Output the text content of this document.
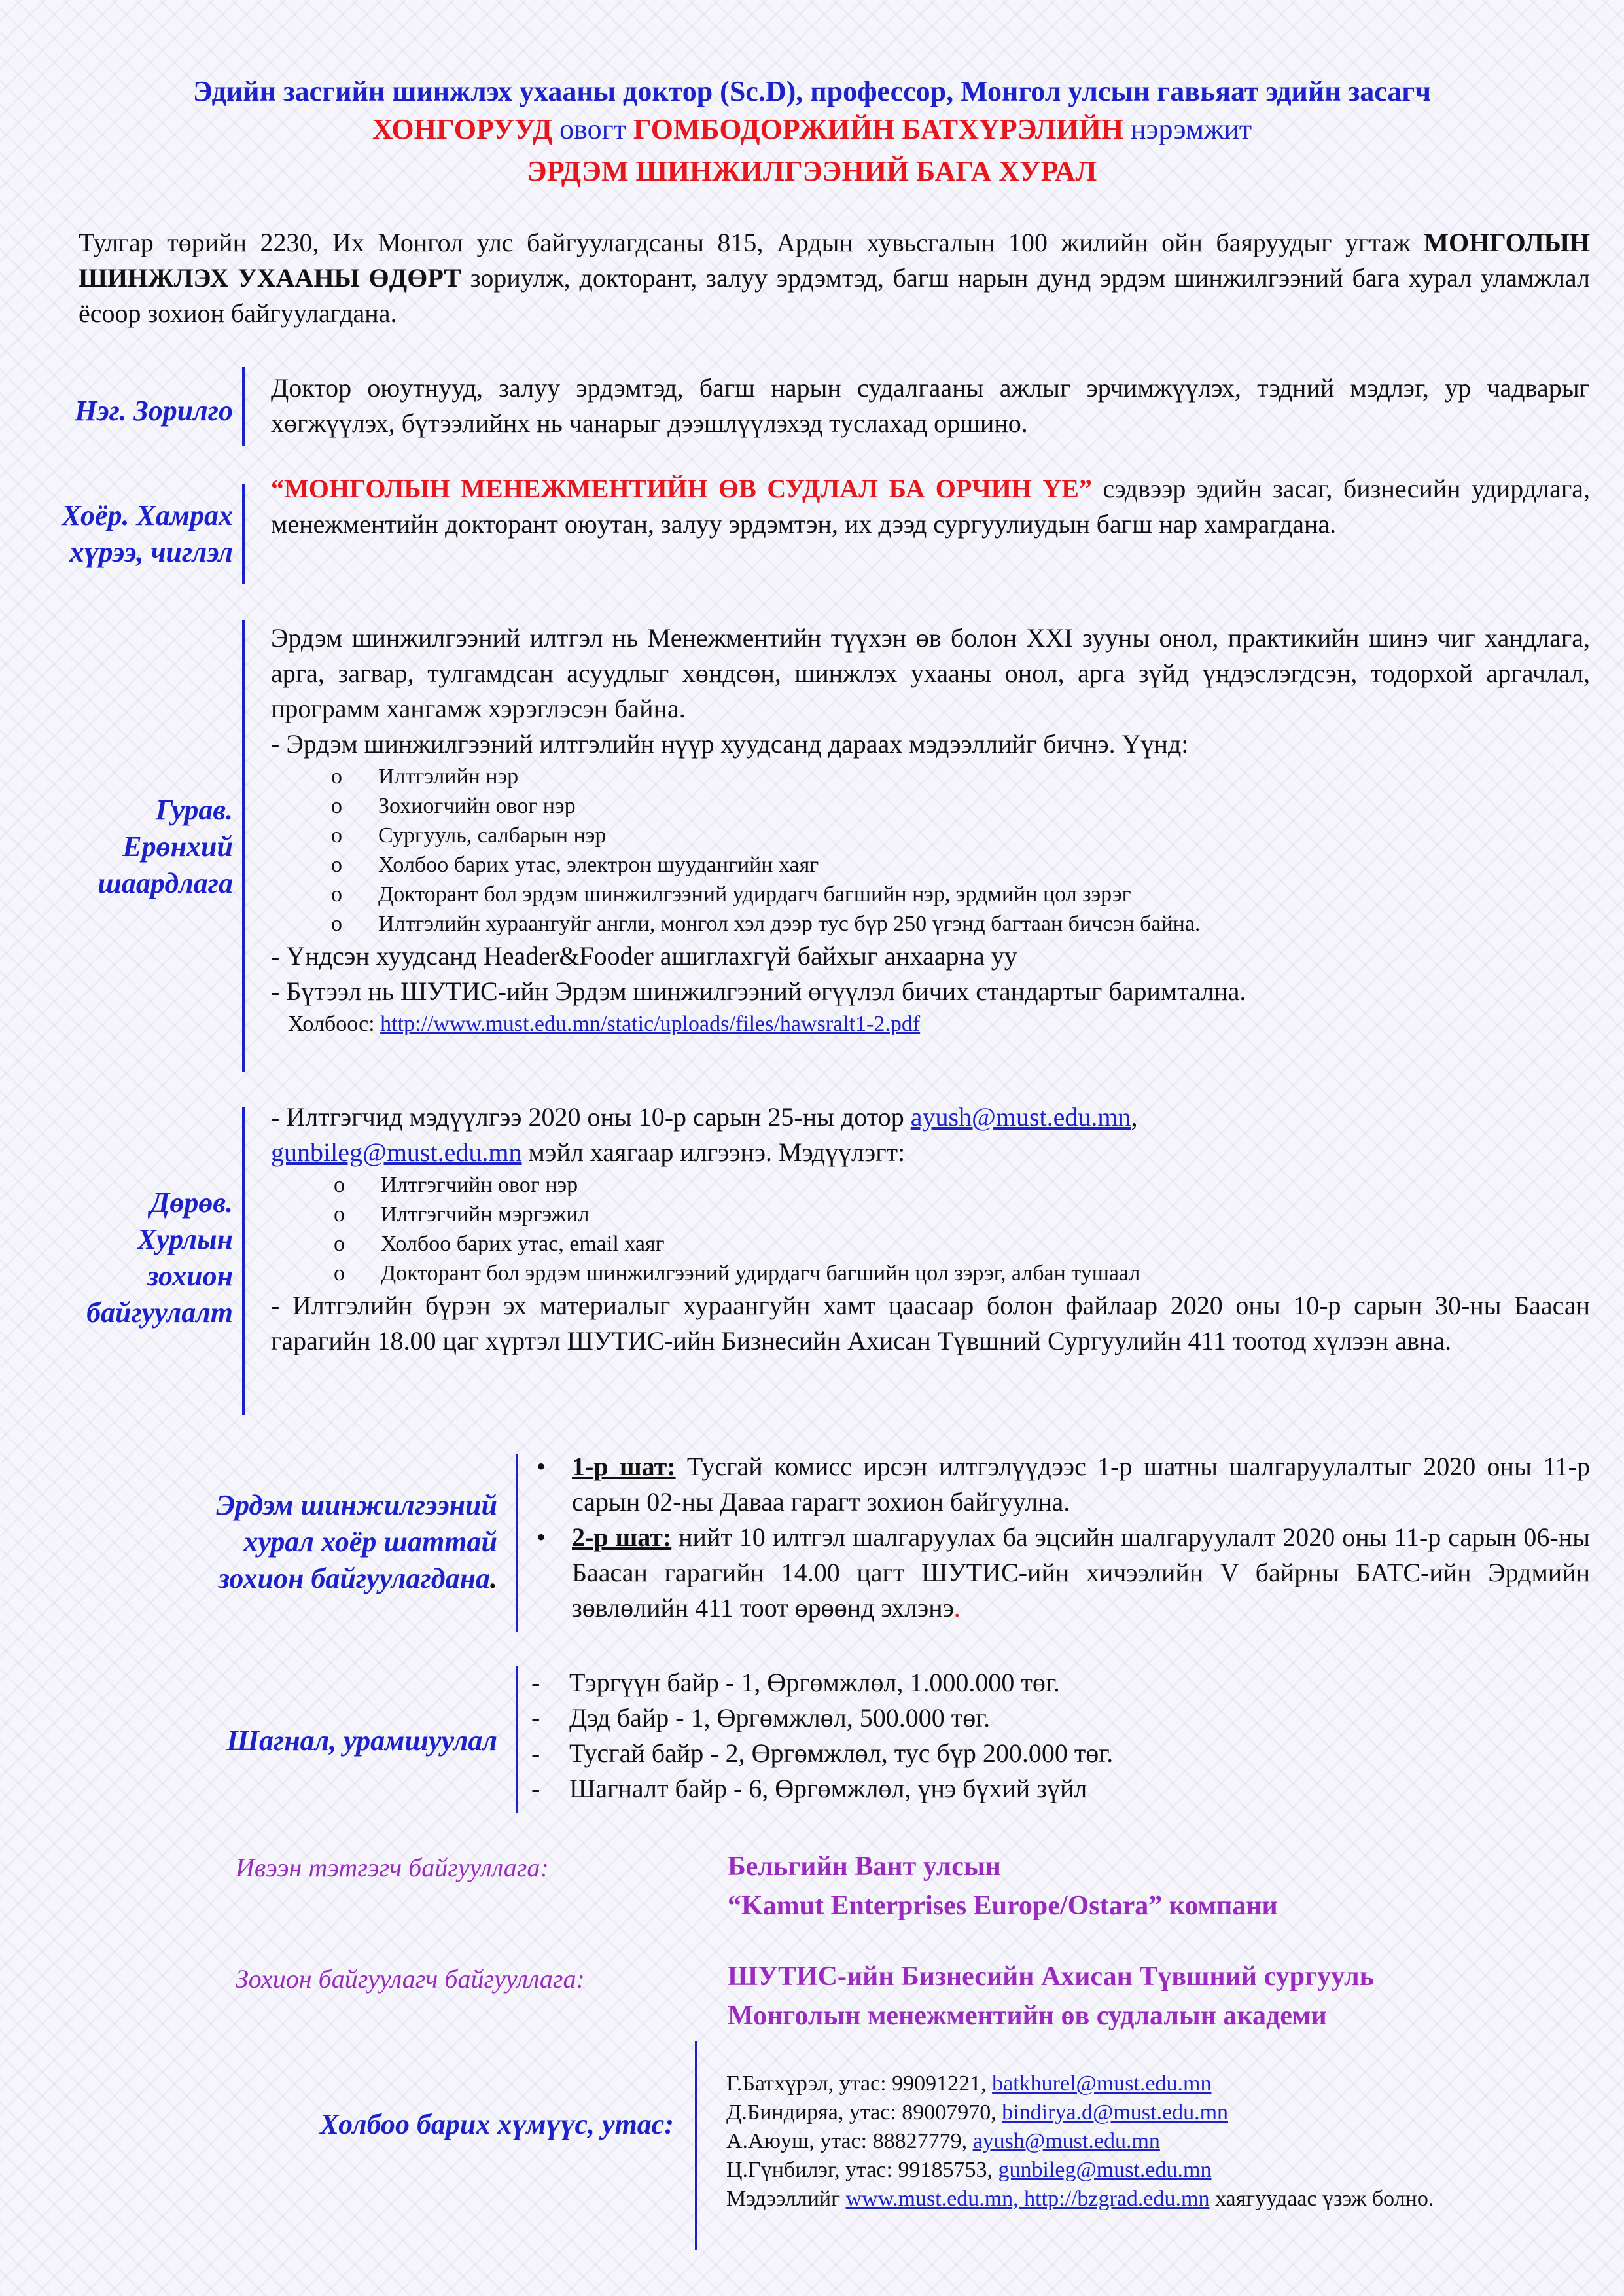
Эдийн засгийн шинжлэх ухааны доктор (Sc.D), профессор, Монгол улсын гавьяат эдийн засагч
ХОНГОРУУД овогт ГОМБОДОРЖИЙН БАТХҮРЭЛИЙН нэрэмжит
ЭРДЭМ ШИНЖИЛГЭЭНИЙ БАГА ХУРАЛ
Тулгар төрийн 2230, Их Монгол улс байгуулагдсаны 815, Ардын хувьсгалын 100 жилийн ойн баяруудыг угтаж МОНГОЛЫН ШИНЖЛЭХ УХААНЫ ӨДӨРТ зориулж, докторант, залуу эрдэмтэд, багш нарын дунд эрдэм шинжилгээний бага хурал уламжлал ёсоор зохион байгуулагдана.
Нэг. Зорилго
Доктор оюутнууд, залуу эрдэмтэд, багш нарын судалгааны ажлыг эрчимжүүлэх, тэдний мэдлэг, ур чадварыг хөгжүүлэх, бүтээлийнх нь чанарыг дээшлүүлэхэд туслахад оршино.
Хоёр. Хамрах
хүрээ, чиглэл
“МОНГОЛЫН МЕНЕЖМЕНТИЙН ӨВ СУДЛАЛ БА ОРЧИН ҮЕ” сэдвээр эдийн засаг, бизнесийн удирдлага, менежментийн докторант оюутан, залуу эрдэмтэн, их дээд сургуулиудын багш нар хамрагдана.
Гурав.
Ерөнхий
шаардлага
Эрдэм шинжилгээний илтгэл нь Менежментийн түүхэн өв болон XXI зууны онол, практикийн шинэ чиг хандлага, арга, загвар, тулгамдсан асуудлыг хөндсөн, шинжлэх ухааны онол, арга зүйд үндэслэгдсэн, тодорхой аргачлал, программ хангамж хэрэглэсэн байна.
- Эрдэм шинжилгээний илтгэлийн нүүр хуудсанд дараах мэдээллийг бичнэ. Үүнд:
o Илтгэлийн нэр
o Зохиогчийн овог нэр
o Сургууль, салбарын нэр
o Холбоо барих утас, электрон шуудангийн хаяг
o Докторант бол эрдэм шинжилгээний удирдагч багшийн нэр, эрдмийн цол зэрэг
o Илтгэлийн хураангуйг англи, монгол хэл дээр тус бүр 250 үгэнд багтаан бичсэн байна.
- Үндсэн хуудсанд Header&Fooder ашиглахгүй байхыг анхаарна уу
- Бүтээл нь ШУТИС-ийн Эрдэм шинжилгээний өгүүлэл бичих стандартыг баримтална.
Холбоос: http://www.must.edu.mn/static/uploads/files/hawsralt1-2.pdf
Дөрөв.
Хурлын
зохион
байгуулалт
- Илтгэгчид мэдүүлгээ 2020 оны 10-р сарын 25-ны дотор ayush@must.edu.mn,
gunbileg@must.edu.mn мэйл хаягаар илгээнэ. Мэдүүлэгт:
o Илтгэгчийн овог нэр
o Илтгэгчийн мэргэжил
o Холбоо барих утас, email хаяг
o Докторант бол эрдэм шинжилгээний удирдагч багшийн цол зэрэг, албан тушаал
- Илтгэлийн бүрэн эх материалыг хураангуйн хамт цаасаар болон файлаар 2020 оны 10-р сарын 30-ны Баасан гарагийн 18.00 цаг хүртэл ШУТИС-ийн Бизнесийн Ахисан Түвшний Сургуулийн 411 тоотод хүлээн авна.
Эрдэм шинжилгээний
хурал хоёр шаттай
зохион байгуулагдана.
• 1-р шат: Тусгай комисс ирсэн илтгэлүүдээс 1-р шатны шалгаруулалтыг 2020 оны 11-р сарын 02-ны Даваа гарагт зохион байгуулна.
• 2-р шат: нийт 10 илтгэл шалгаруулах ба эцсийн шалгаруулалт 2020 оны 11-р сарын 06-ны Баасан гарагийн 14.00 цагт ШУТИС-ийн хичээлийн V байрны БАТС-ийн Эрдмийн зөвлөлийн 411 тоот өрөөнд эхлэнэ.
Шагнал, урамшуулал
- Тэргүүн байр - 1, Өргөмжлөл, 1.000.000 төг.
- Дэд байр - 1, Өргөмжлөл, 500.000 төг.
- Тусгай байр - 2, Өргөмжлөл, тус бүр 200.000 төг.
- Шагналт байр - 6, Өргөмжлөл, үнэ бүхий зүйл
Ивээн тэтгэгч байгууллага:	Бельгийн Вант улсын
“Kamut Enterprises Europe/Ostara” компани
Зохион байгуулагч байгууллага:	ШУТИС-ийн Бизнесийн Ахисан Түвшний сургууль
Монголын менежментийн өв судлалын академи
Холбоо барих хүмүүс, утас:
Г.Батхүрэл, утас: 99091221, batkhurel@must.edu.mn
Д.Биндиряа, утас: 89007970, bindirya.d@must.edu.mn
А.Аюуш, утас: 88827779, ayush@must.edu.mn
Ц.Гүнбилэг, утас: 99185753, gunbileg@must.edu.mn
Мэдээллийг www.must.edu.mn, http://bzgrad.edu.mn хаягуудаас үзэж болно.
